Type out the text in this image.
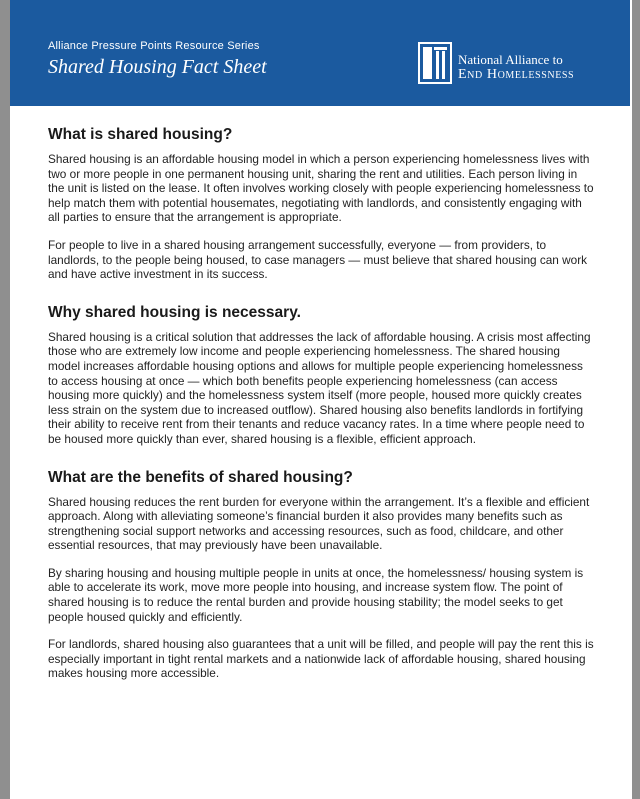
Alliance Pressure Points Resource Series
Shared Housing Fact Sheet	National Alliance to
End Homelessness
What is shared housing?

Shared housing is an affordable housing model in which a person experiencing homelessness lives with two or more people in one permanent housing unit, sharing the rent and utilities. Each person living in the unit is listed on the lease. It often involves working closely with people experiencing homelessness to help match them with potential housemates, negotiating with landlords, and consistently engaging with all parties to ensure that the arrangement is appropriate.

For people to live in a shared housing arrangement successfully, everyone — from providers, to landlords, to the people being housed, to case managers — must believe that shared housing can work and have active investment in its success.

Why shared housing is necessary.

Shared housing is a critical solution that addresses the lack of affordable housing. A crisis most affecting those who are extremely low income and people experiencing homelessness. The shared housing model increases affordable housing options and allows for multiple people experiencing homelessness to access housing at once — which both benefits people experiencing homelessness (can access housing more quickly) and the homelessness system itself (more people, housed more quickly creates less strain on the system due to increased outflow). Shared housing also benefits landlords in fortifying their ability to receive rent from their tenants and reduce vacancy rates. In a time where people need to be housed more quickly than ever, shared housing is a flexible, efficient approach.

What are the benefits of shared housing?

Shared housing reduces the rent burden for everyone within the arrangement. It’s a flexible and efficient approach. Along with alleviating someone’s financial burden it also provides many benefits such as strengthening social support networks and accessing resources, such as food, childcare, and other essential resources, that may previously have been unavailable.

By sharing housing and housing multiple people in units at once, the homelessness/ housing system is able to accelerate its work, move more people into housing, and increase system flow. The point of shared housing is to reduce the rental burden and provide housing stability; the model seeks to get people housed quickly and efficiently.

For landlords, shared housing also guarantees that a unit will be filled, and people will pay the rent this is especially important in tight rental markets and a nationwide lack of affordable housing, shared housing makes housing more accessible.
